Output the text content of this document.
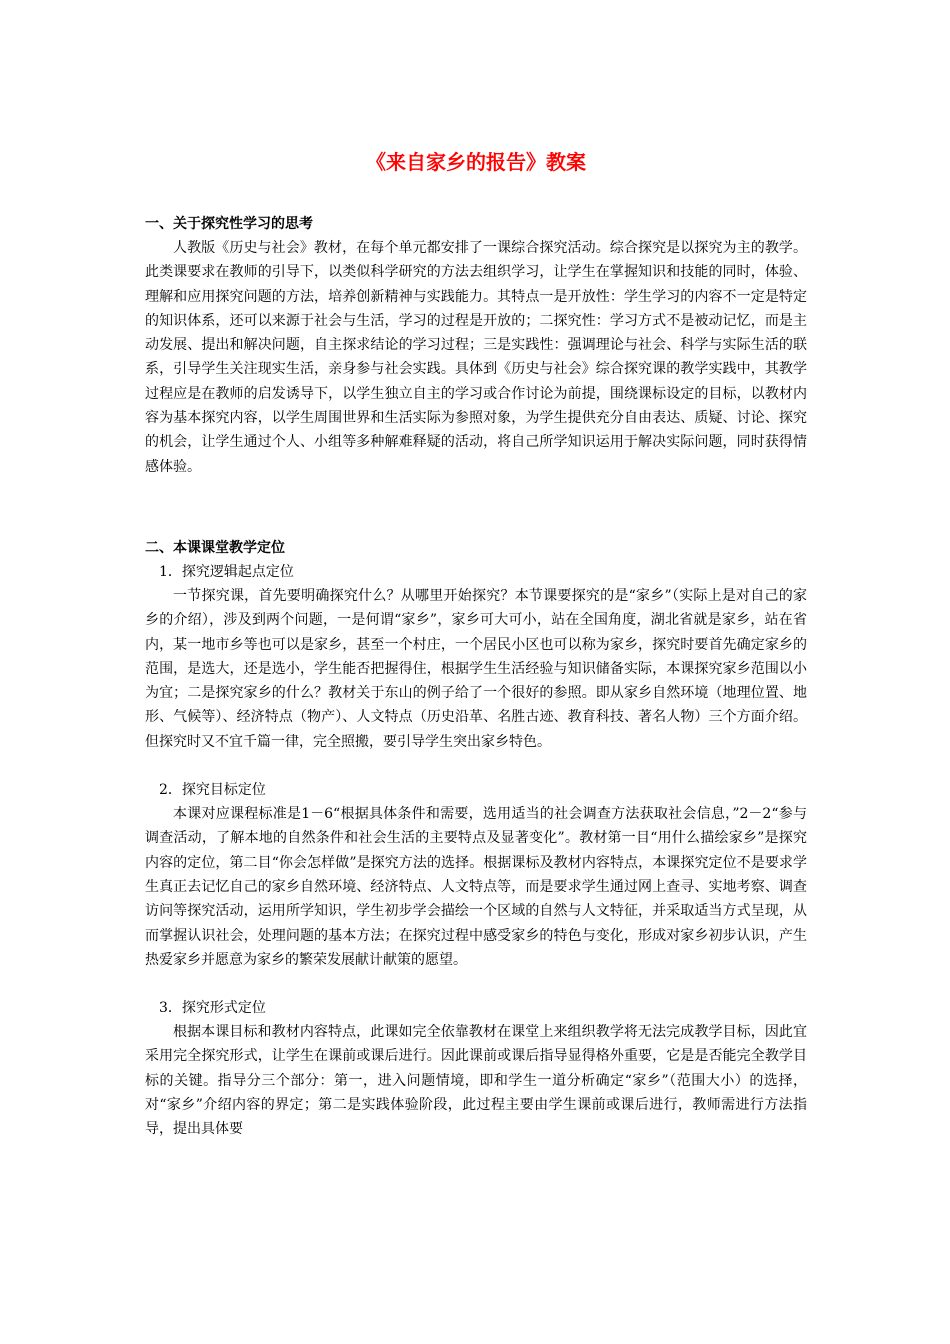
《来自家乡的报告》教案

一、关于探究性学习的思考

人教版《历史与社会》教材，在每个单元都安排了一课综合探究活动。综合探究是以探究为主的教学。此类课要求在教师的引导下，以类似科学研究的方法去组织学习，让学生在掌握知识和技能的同时，体验、理解和应用探究问题的方法，培养创新精神与实践能力。其特点一是开放性：学生学习的内容不一定是特定的知识体系，还可以来源于社会与生活，学习的过程是开放的；二探究性：学习方式不是被动记忆，而是主动发展、提出和解决问题，自主探求结论的学习过程；三是实践性：强调理论与社会、科学与实际生活的联系，引导学生关注现实生活，亲身参与社会实践。具体到《历史与社会》综合探究课的教学实践中，其教学过程应是在教师的启发诱导下，以学生独立自主的学习或合作讨论为前提，围绕课标设定的目标，以教材内容为基本探究内容，以学生周围世界和生活实际为参照对象，为学生提供充分自由表达、质疑、讨论、探究的机会，让学生通过个人、小组等多种解难释疑的活动，将自己所学知识运用于解决实际问题，同时获得情感体验。

二、本课课堂教学定位

1．探究逻辑起点定位

一节探究课，首先要明确探究什么？从哪里开始探究？本节课要探究的是“家乡”（实际上是对自己的家乡的介绍），涉及到两个问题，一是何谓“家乡”，家乡可大可小，站在全国角度，湖北省就是家乡，站在省内，某一地市乡等也可以是家乡，甚至一个村庄，一个居民小区也可以称为家乡，探究时要首先确定家乡的范围，是选大，还是选小，学生能否把握得住，根据学生生活经验与知识储备实际，本课探究家乡范围以小为宜；二是探究家乡的什么？教材关于东山的例子给了一个很好的参照。即从家乡自然环境（地理位置、地形、气候等）、经济特点（物产）、人文特点（历史沿革、名胜古迹、教育科技、著名人物）三个方面介绍。但探究时又不宜千篇一律，完全照搬，要引导学生突出家乡特色。

2．探究目标定位

本课对应课程标准是1－6“根据具体条件和需要，选用适当的社会调查方法获取社会信息，”2－2“参与调查活动，了解本地的自然条件和社会生活的主要特点及显著变化”。教材第一目“用什么描绘家乡”是探究内容的定位，第二目“你会怎样做”是探究方法的选择。根据课标及教材内容特点，本课探究定位不是要求学生真正去记忆自己的家乡自然环境、经济特点、人文特点等，而是要求学生通过网上查寻、实地考察、调查访问等探究活动，运用所学知识，学生初步学会描绘一个区域的自然与人文特征，并采取适当方式呈现，从而掌握认识社会，处理问题的基本方法；在探究过程中感受家乡的特色与变化，形成对家乡初步认识，产生热爱家乡并愿意为家乡的繁荣发展献计献策的愿望。

3．探究形式定位

根据本课目标和教材内容特点，此课如完全依靠教材在课堂上来组织教学将无法完成教学目标，因此宜采用完全探究形式，让学生在课前或课后进行。因此课前或课后指导显得格外重要，它是是否能完全教学目标的关键。指导分三个部分：第一，进入问题情境，即和学生一道分析确定“家乡”（范围大小）的选择，对“家乡”介绍内容的界定；第二是实践体验阶段，此过程主要由学生课前或课后进行，教师需进行方法指导，提出具体要
